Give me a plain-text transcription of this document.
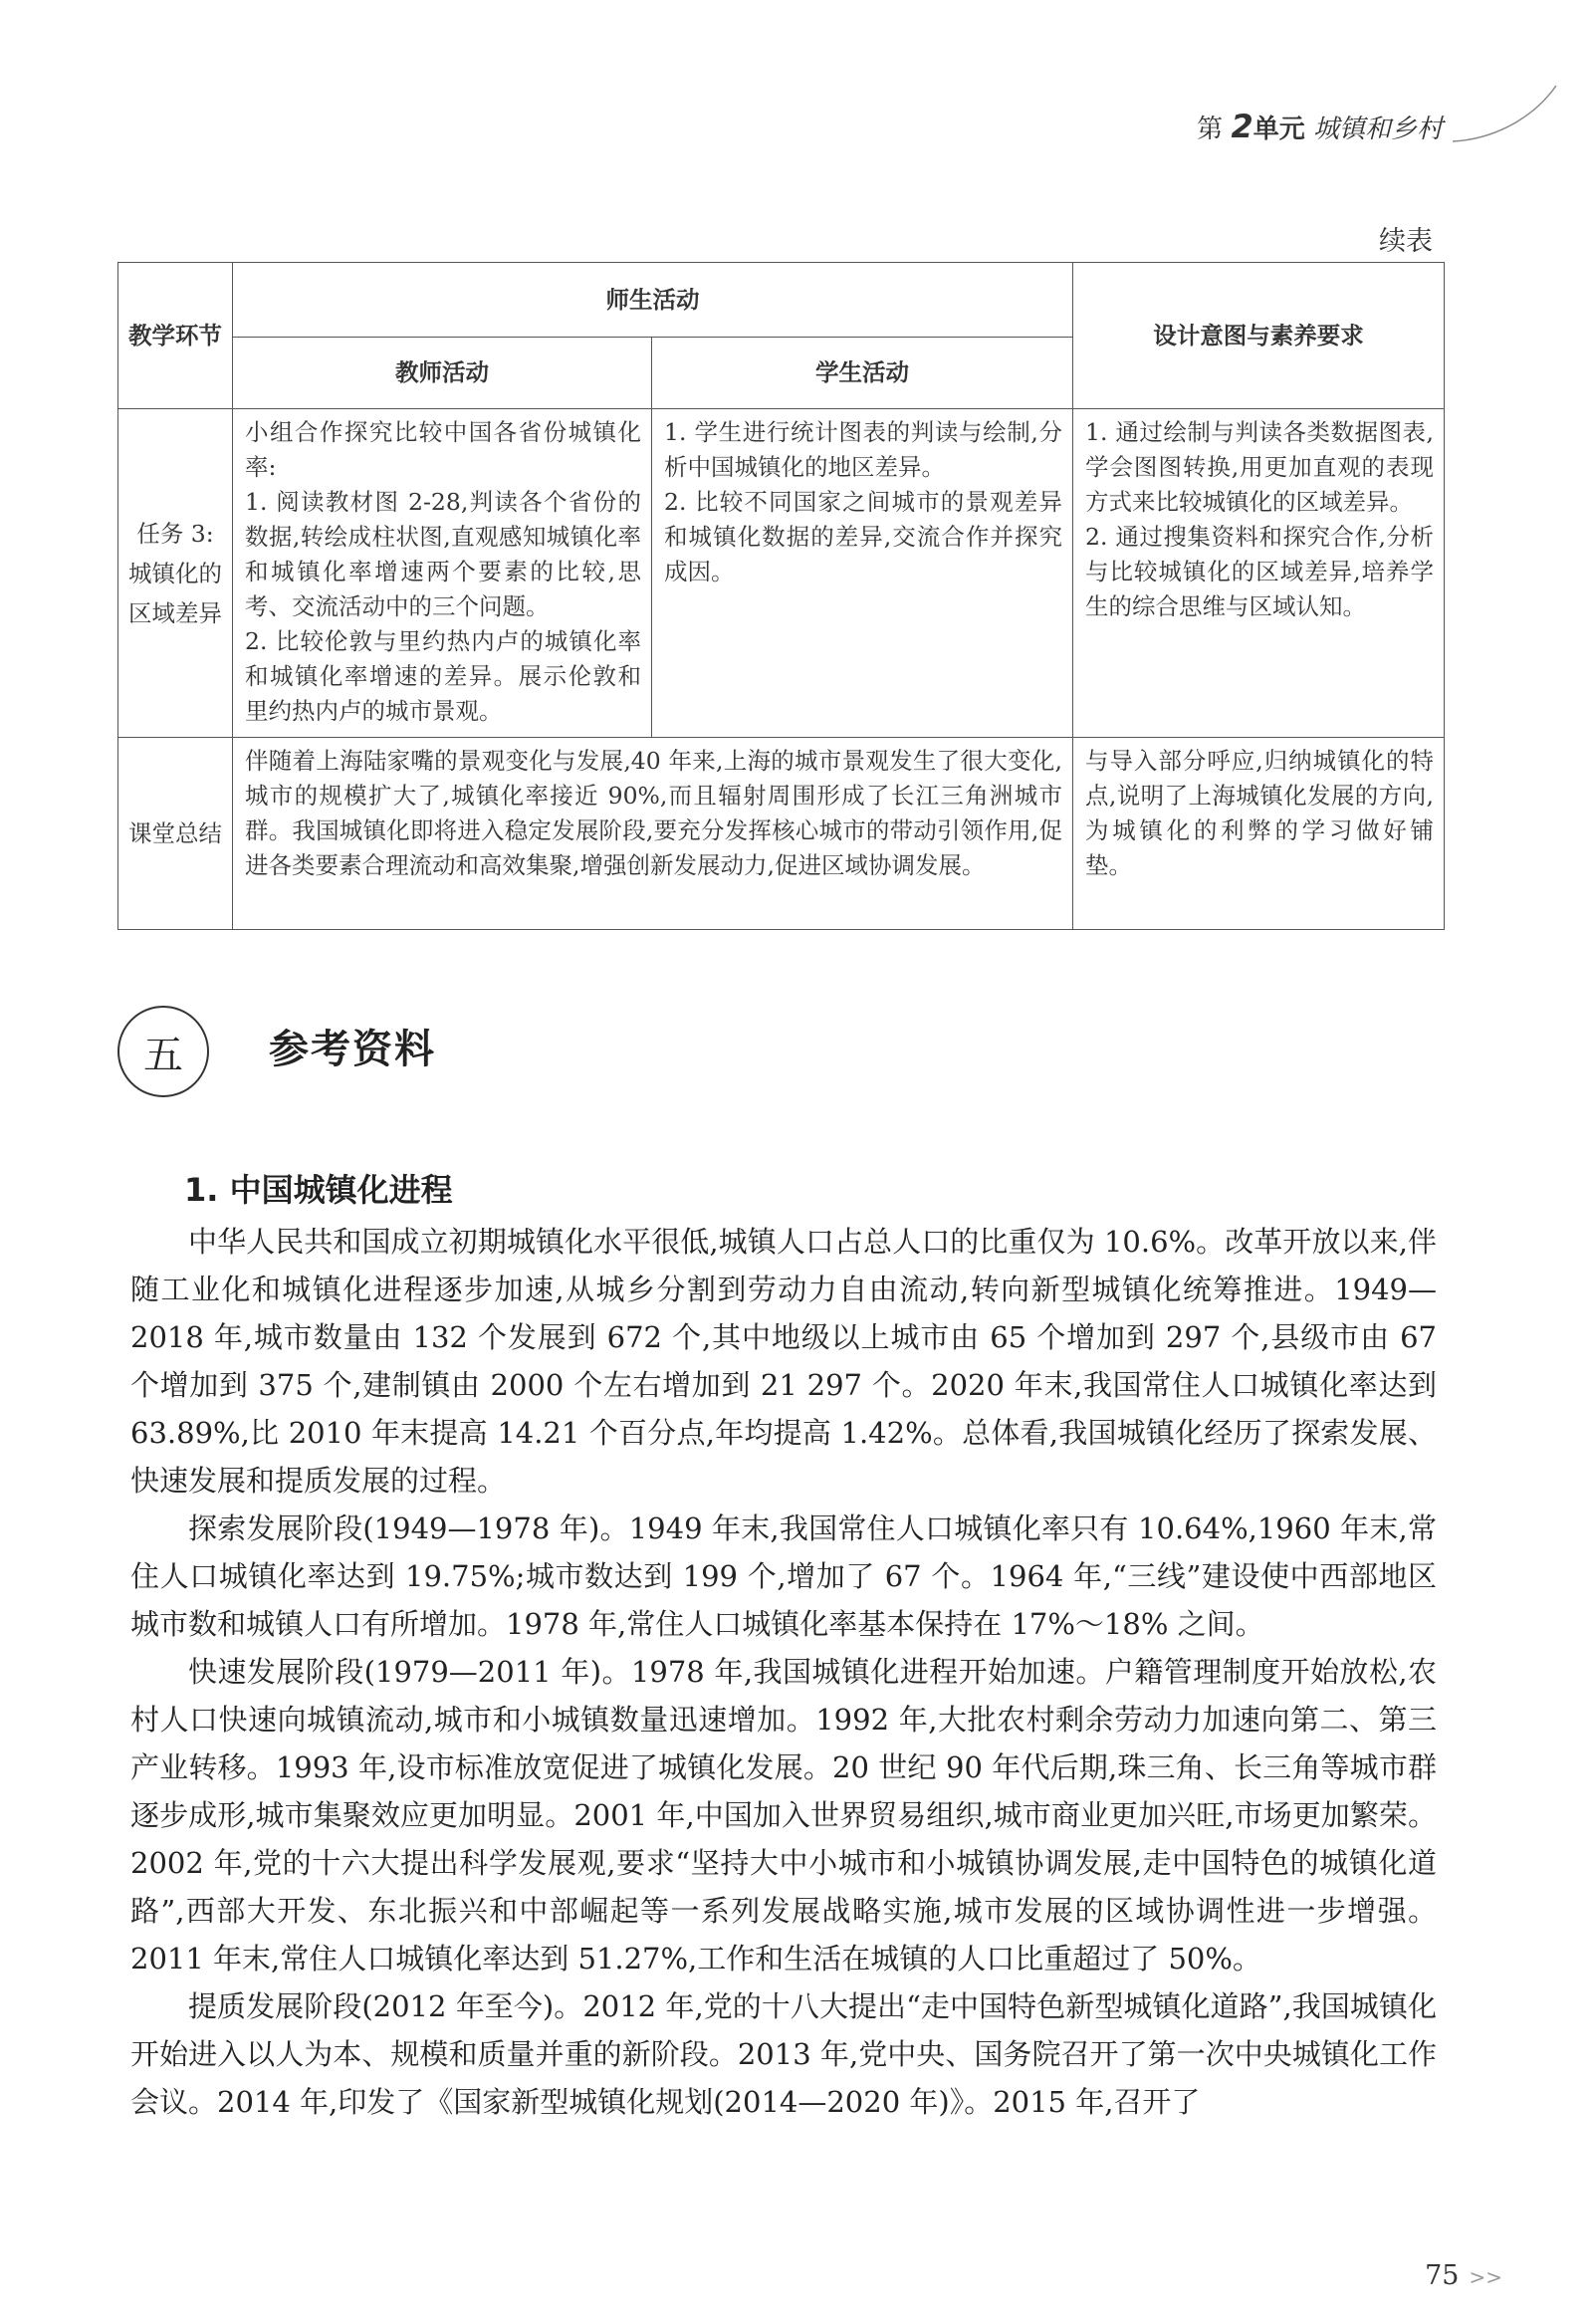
第 2单元 城镇和乡村
续表
教学环节	师生活动		设计意图与素养要求
	教师活动	学生活动	
任务 3:
城镇化的
区域差异	小组合作探究比较中国各省份城镇化率:
1. 阅读教材图 2-28,判读各个省份的数据,转绘成柱状图,直观感知城镇化率和城镇化率增速两个要素的比较,思考、交流活动中的三个问题。
2. 比较伦敦与里约热内卢的城镇化率和城镇化率增速的差异。展示伦敦和里约热内卢的城市景观。	1. 学生进行统计图表的判读与绘制,分析中国城镇化的地区差异。
2. 比较不同国家之间城市的景观差异和城镇化数据的差异,交流合作并探究成因。	1. 通过绘制与判读各类数据图表,学会图图转换,用更加直观的表现方式来比较城镇化的区域差异。
2. 通过搜集资料和探究合作,分析与比较城镇化的区域差异,培养学生的综合思维与区域认知。
课堂总结	伴随着上海陆家嘴的景观变化与发展,40 年来,上海的城市景观发生了很大变化,城市的规模扩大了,城镇化率接近 90%,而且辐射周围形成了长江三角洲城市群。我国城镇化即将进入稳定发展阶段,要充分发挥核心城市的带动引领作用,促进各类要素合理流动和高效集聚,增强创新发展动力,促进区域协调发展。		与导入部分呼应,归纳城镇化的特点,说明了上海城镇化发展的方向,为城镇化的利弊的学习做好铺垫。
五 参考资料
1. 中国城镇化进程

中华人民共和国成立初期城镇化水平很低,城镇人口占总人口的比重仅为 10.6%。改革开放以来,伴随工业化和城镇化进程逐步加速,从城乡分割到劳动力自由流动,转向新型城镇化统筹推进。1949—2018 年,城市数量由 132 个发展到 672 个,其中地级以上城市由 65 个增加到 297 个,县级市由 67 个增加到 375 个,建制镇由 2000 个左右增加到 21 297 个。2020 年末,我国常住人口城镇化率达到 63.89%,比 2010 年末提高 14.21 个百分点,年均提高 1.42%。总体看,我国城镇化经历了探索发展、快速发展和提质发展的过程。

探索发展阶段(1949—1978 年)。1949 年末,我国常住人口城镇化率只有 10.64%,1960 年末,常住人口城镇化率达到 19.75%;城市数达到 199 个,增加了 67 个。1964 年,“三线”建设使中西部地区城市数和城镇人口有所增加。1978 年,常住人口城镇化率基本保持在 17%～18% 之间。

快速发展阶段(1979—2011 年)。1978 年,我国城镇化进程开始加速。户籍管理制度开始放松,农村人口快速向城镇流动,城市和小城镇数量迅速增加。1992 年,大批农村剩余劳动力加速向第二、第三产业转移。1993 年,设市标准放宽促进了城镇化发展。20 世纪 90 年代后期,珠三角、长三角等城市群逐步成形,城市集聚效应更加明显。2001 年,中国加入世界贸易组织,城市商业更加兴旺,市场更加繁荣。2002 年,党的十六大提出科学发展观,要求“坚持大中小城市和小城镇协调发展,走中国特色的城镇化道路”,西部大开发、东北振兴和中部崛起等一系列发展战略实施,城市发展的区域协调性进一步增强。2011 年末,常住人口城镇化率达到 51.27%,工作和生活在城镇的人口比重超过了 50%。

提质发展阶段(2012 年至今)。2012 年,党的十八大提出“走中国特色新型城镇化道路”,我国城镇化开始进入以人为本、规模和质量并重的新阶段。2013 年,党中央、国务院召开了第一次中央城镇化工作会议。2014 年,印发了《国家新型城镇化规划(2014—2020 年)》。2015 年,召开了

75 >>
